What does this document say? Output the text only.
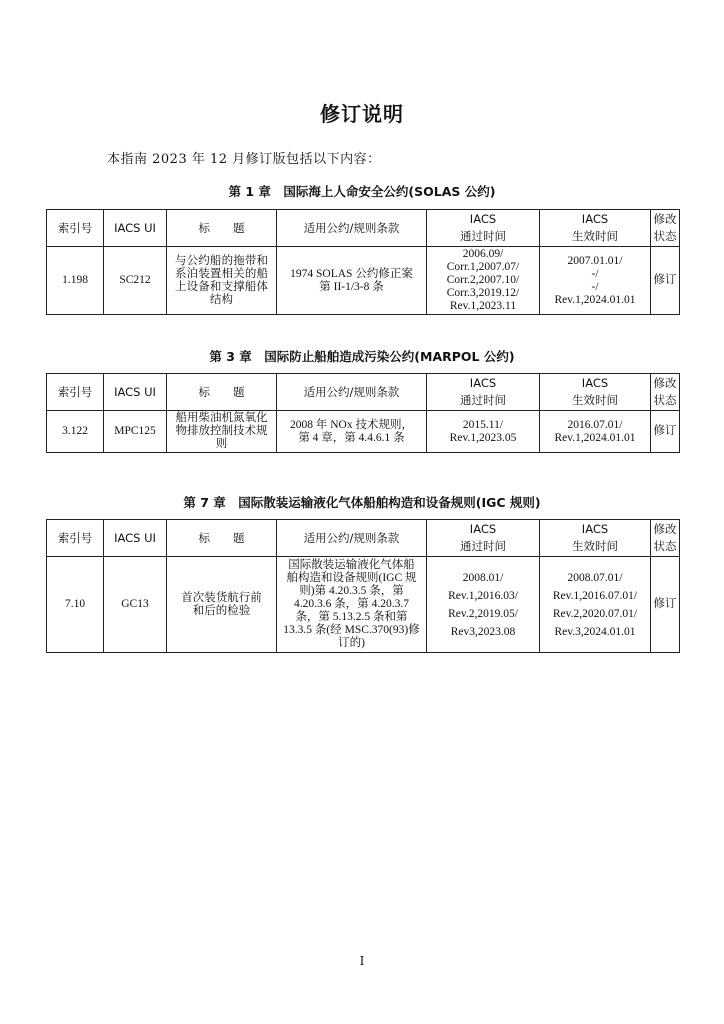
修订说明
本指南 2023 年 12 月修订版包括以下内容：
第 1 章　国际海上人命安全公约(SOLAS 公约)
索引号	IACS UI	标　　题	适用公约/规则条款	IACS
通过时间	IACS
生效时间	修改
状态
1.198	SC212	与公约船的拖带和系泊装置相关的船上设备和支撑船体结构	1974 SOLAS 公约修正案第 II-1/3-8 条	2006.09/
Corr.1,2007.07/
Corr.2,2007.10/
Corr.3,2019.12/
Rev.1,2023.11	2007.01.01/
-/
-/
Rev.1,2024.01.01	修订
第 3 章　国际防止船舶造成污染公约(MARPOL 公约)
索引号	IACS UI	标　　题	适用公约/规则条款	IACS
通过时间	IACS
生效时间	修改
状态
3.122	MPC125	船用柴油机氮氧化物排放控制技术规则	2008 年 NOx 技术规则，第 4 章，第 4.4.6.1 条	2015.11/
Rev.1,2023.05	2016.07.01/
Rev.1,2024.01.01	修订
第 7 章　国际散装运输液化气体船舶构造和设备规则(IGC 规则)
索引号	IACS UI	标　　题	适用公约/规则条款	IACS
通过时间	IACS
生效时间	修改
状态
7.10	GC13	首次装货航行前和后的检验	国际散装运输液化气体船舶构造和设备规则(IGC 规则)第 4.20.3.5 条，第 4.20.3.6 条，第 4.20.3.7 条，第 5.13.2.5 条和第 13.3.5 条(经 MSC.370(93)修订的)	2008.01/
Rev.1,2016.03/
Rev.2,2019.05/
Rev3,2023.08	2008.07.01/
Rev.1,2016.07.01/
Rev.2,2020.07.01/
Rev.3,2024.01.01	修订
I
